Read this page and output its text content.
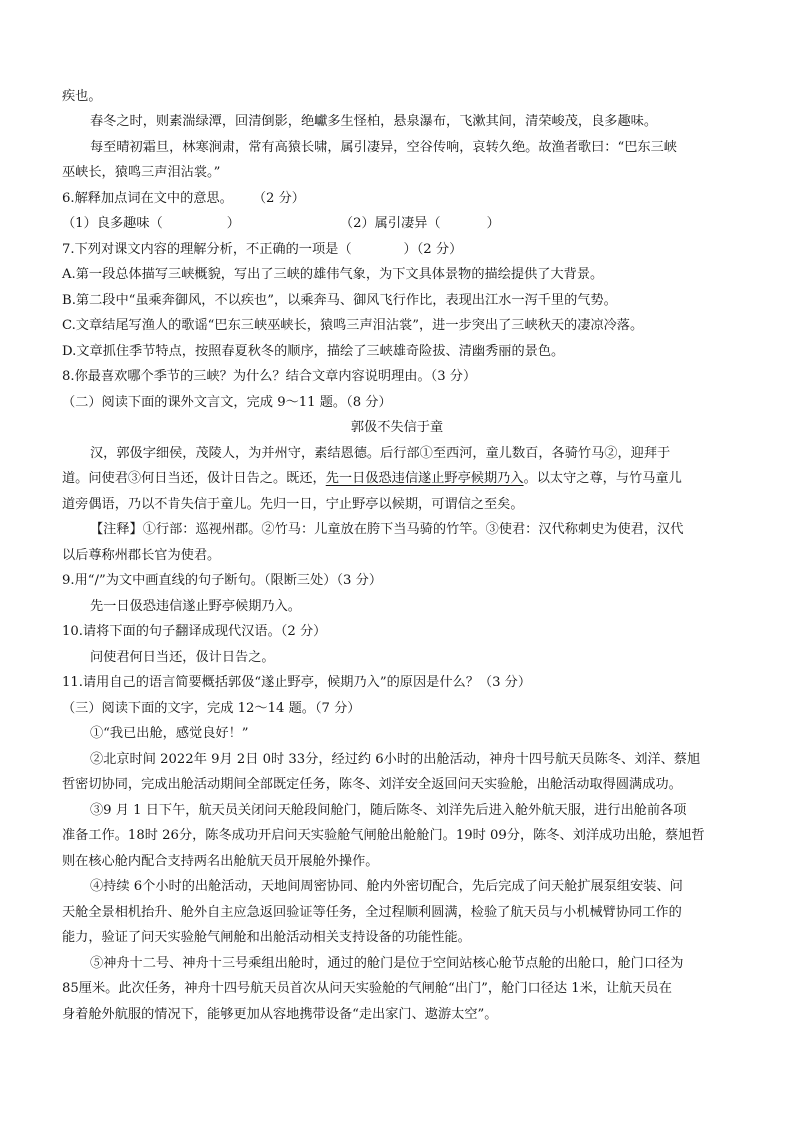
疾也。
春冬之时，则素湍绿潭，回清倒影，绝巘多生怪柏，悬泉瀑布，飞漱其间，清荣峻茂，良多趣味。
每至晴初霜旦，林寒涧肃，常有高猿长啸，属引凄异，空谷传响，哀转久绝。故渔者歌曰：“巴东三峡
巫峡长，猿鸣三声泪沾裳。”
6.解释加点词在文中的意思。 （2 分）
（1）良多趣味（	）	（2）属引凄异（	）
7.下列对课文内容的理解分析，不正确的一项是（	）（2 分）
A.第一段总体描写三峡概貌，写出了三峡的雄伟气象，为下文具体景物的描绘提供了大背景。
B.第二段中“虽乘奔御风，不以疾也”，以乘奔马、御风飞行作比，表现出江水一泻千里的气势。
C.文章结尾写渔人的歌谣“巴东三峡巫峡长，猿鸣三声泪沾裳”，进一步突出了三峡秋天的凄凉冷落。
D.文章抓住季节特点，按照春夏秋冬的顺序，描绘了三峡雄奇险拔、清幽秀丽的景色。
8.你最喜欢哪个季节的三峡？为什么？结合文章内容说明理由。（3 分）
（二）阅读下面的课外文言文，完成 9～11 题。（8 分）
郭伋不失信于童
汉，郭伋字细侯，茂陵人，为并州守，素结恩德。后行部①至西河，童儿数百，各骑竹马②，迎拜于
道。问使君③何日当还，伋计日告之。既还，先一日伋恐违信遂止野亭候期乃入。以太守之尊，与竹马童儿
道旁偶语，乃以不肯失信于童儿。先归一日，宁止野亭以候期，可谓信之至矣。
【注释】①行部：巡视州郡。②竹马：儿童放在胯下当马骑的竹竿。③使君：汉代称刺史为使君，汉代
以后尊称州郡长官为使君。
9.用“/”为文中画直线的句子断句。（限断三处）（3 分）
先一日伋恐违信遂止野亭候期乃入。
10.请将下面的句子翻译成现代汉语。（2 分）
问使君何日当还，伋计日告之。
11.请用自己的语言简要概括郭伋“遂止野亭，候期乃入”的原因是什么？（3 分）
（三）阅读下面的文字，完成 12～14 题。（7 分）
①“我已出舱，感觉良好！”
②北京时间 2022年 9月 2日 0时 33分，经过约 6小时的出舱活动，神舟十四号航天员陈冬、刘洋、蔡旭
哲密切协同，完成出舱活动期间全部既定任务，陈冬、刘洋安全返回问天实验舱，出舱活动取得圆满成功。
③9 月 1 日下午，航天员关闭问天舱段间舱门，随后陈冬、刘洋先后进入舱外航天服，进行出舱前各项
准备工作。18时 26分，陈冬成功开启问天实验舱气闸舱出舱舱门。19时 09分，陈冬、刘洋成功出舱，蔡旭哲
则在核心舱内配合支持两名出舱航天员开展舱外操作。
④持续 6个小时的出舱活动，天地间周密协同、舱内外密切配合，先后完成了问天舱扩展泵组安装、问
天舱全景相机抬升、舱外自主应急返回验证等任务，全过程顺利圆满，检验了航天员与小机械臂协同工作的
能力，验证了问天实验舱气闸舱和出舱活动相关支持设备的功能性能。
⑤神舟十二号、神舟十三号乘组出舱时，通过的舱门是位于空间站核心舱节点舱的出舱口，舱门口径为
85厘米。此次任务，神舟十四号航天员首次从问天实验舱的气闸舱“出门”，舱门口径达 1米，让航天员在
身着舱外航服的情况下，能够更加从容地携带设备“走出家门、遨游太空”。
